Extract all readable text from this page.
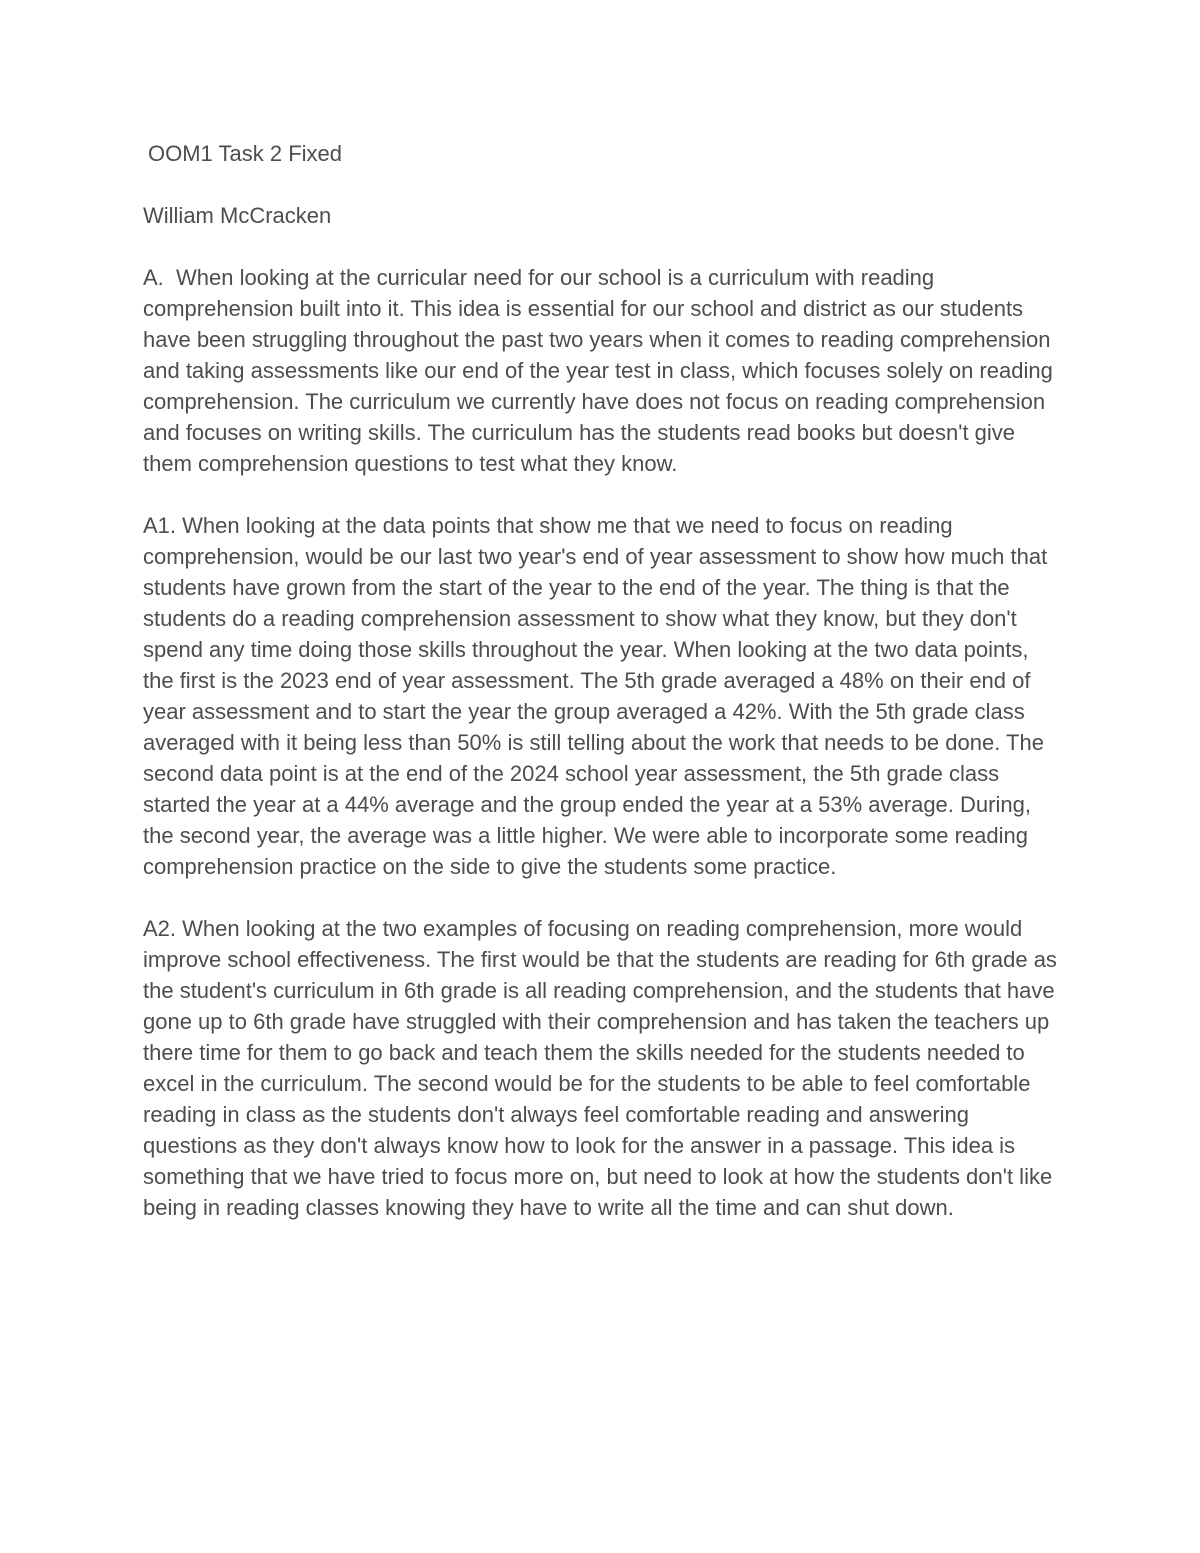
OOM1 Task 2 Fixed

William McCracken

A.  When looking at the curricular need for our school is a curriculum with reading comprehension built into it. This idea is essential for our school and district as our students have been struggling throughout the past two years when it comes to reading comprehension and taking assessments like our end of the year test in class, which focuses solely on reading comprehension. The curriculum we currently have does not focus on reading comprehension and focuses on writing skills. The curriculum has the students read books but doesn't give them comprehension questions to test what they know.

A1. When looking at the data points that show me that we need to focus on reading comprehension, would be our last two year's end of year assessment to show how much that students have grown from the start of the year to the end of the year. The thing is that the students do a reading comprehension assessment to show what they know, but they don't spend any time doing those skills throughout the year. When looking at the two data points, the first is the 2023 end of year assessment. The 5th grade averaged a 48% on their end of year assessment and to start the year the group averaged a 42%. With the 5th grade class averaged with it being less than 50% is still telling about the work that needs to be done. The second data point is at the end of the 2024 school year assessment, the 5th grade class started the year at a 44% average and the group ended the year at a 53% average. During, the second year, the average was a little higher. We were able to incorporate some reading comprehension practice on the side to give the students some practice.

A2. When looking at the two examples of focusing on reading comprehension, more would improve school effectiveness. The first would be that the students are reading for 6th grade as the student's curriculum in 6th grade is all reading comprehension, and the students that have gone up to 6th grade have struggled with their comprehension and has taken the teachers up there time for them to go back and teach them the skills needed for the students needed to excel in the curriculum. The second would be for the students to be able to feel comfortable reading in class as the students don't always feel comfortable reading and answering questions as they don't always know how to look for the answer in a passage. This idea is something that we have tried to focus more on, but need to look at how the students don't like being in reading classes knowing they have to write all the time and can shut down.
